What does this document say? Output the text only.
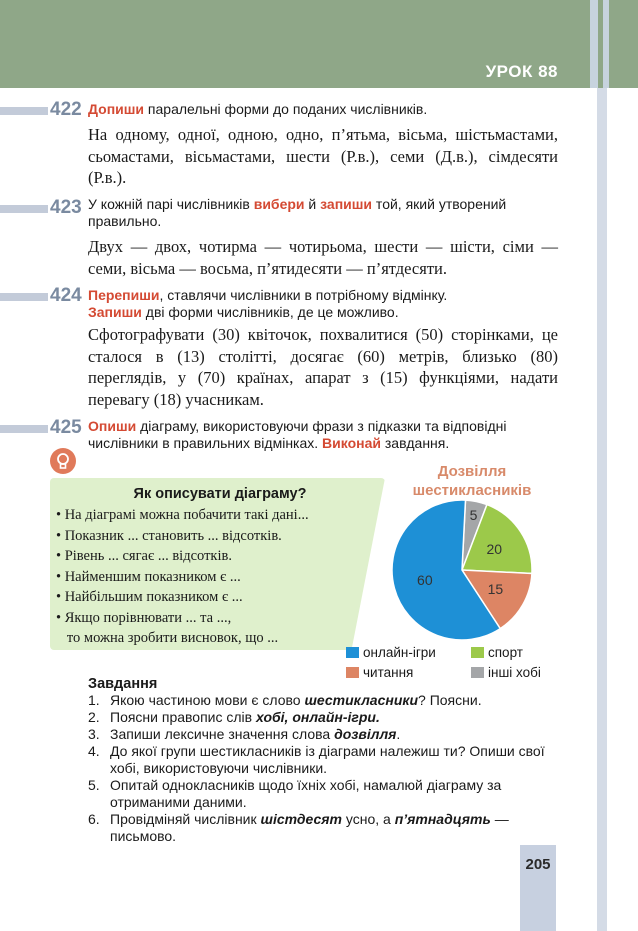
УРОК 88
422 Допиши паралельні форми до поданих числівників.
На одному, одної, одною, одно, п’ятьма, вісьма, шістьмастами, сьомастами, вісьмастами, шести (Р.в.), семи (Д.в.), сімдесяти (Р.в.).
423 У кожній парі числівників вибери й запиши той, який утворений правильно.
Двух — двох, чотирма — чотирьома, шести — шісти, сіми — семи, вісьма — восьма, п’ятидесяти — п’ятдесяти.
424 Перепиши, ставлячи числівники в потрібному відмінку.
Запиши дві форми числівників, де це можливо.
Сфотографувати (30) квіточок, похвалитися (50) сторінками, це сталося в (13) столітті, досягає (60) метрів, близько (80) переглядів, у (70) країнах, апарат з (15) функціями, надати перевагу (18) учасникам.
425 Опиши діаграму, використовуючи фрази з підказки та відповідні числівники в правильних відмінках. Виконай завдання.
Як описувати діаграму?
• На діаграмі можна побачити такі дані...
• Показник ... становить ... відсотків.
• Рівень ... сягає ... відсотків.
• Найменшим показником є ...
• Найбільшим показником є ...
• Якщо порівнювати ... та ...,
то можна зробити висновок, що ...
Дозвілля шестикласників
5
20
15
60
онлайн-ігри	спорт
читання	інші хобі
Завдання
1. Якою частиною мови є слово шестикласники? Поясни.
2. Поясни правопис слів хобі, онлайн-ігри.
3. Запиши лексичне значення слова дозвілля.
4. До якої групи шестикласників із діаграми належиш ти? Опиши свої хобі, використовуючи числівники.
5. Опитай однокласників щодо їхніх хобі, намалюй діаграму за отриманими даними.
6. Провідміняй числівник шістдесят усно, а п’ятнадцять — письмово.
205
